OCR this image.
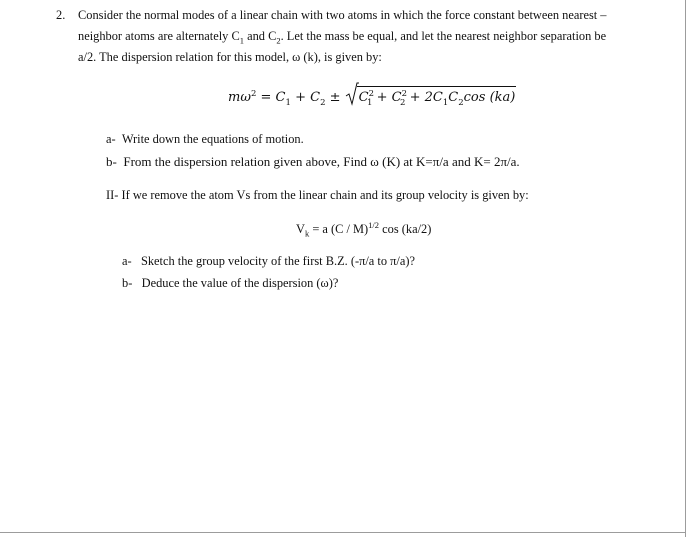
2. Consider the normal modes of a linear chain with two atoms in which the force constant between nearest –
neighbor atoms are alternately $C_1$ and $C_2$. Let the mass be equal, and let the nearest neighbor separation be
a/2. The dispersion relation for this model, ω (k), is given by:
$m\omega^2 = C_1 + C_2 \pm C^2_1 + C^2_2 + 2C_1C_2\cos$ (ka)
a- Write down the equations of motion.
b- From the dispersion relation given above, Find ω (K) at K=π/a and K= 2π/a.
II- If we remove the atom Vs from the linear chain and its group velocity is given by:
$V_k = a$ (C / M)$^{1/2}$ cos (ka/2)
a- Sketch the group velocity of the first B.Z. (-π/a to π/a)?
b- Deduce the value of the dispersion (ω)?
